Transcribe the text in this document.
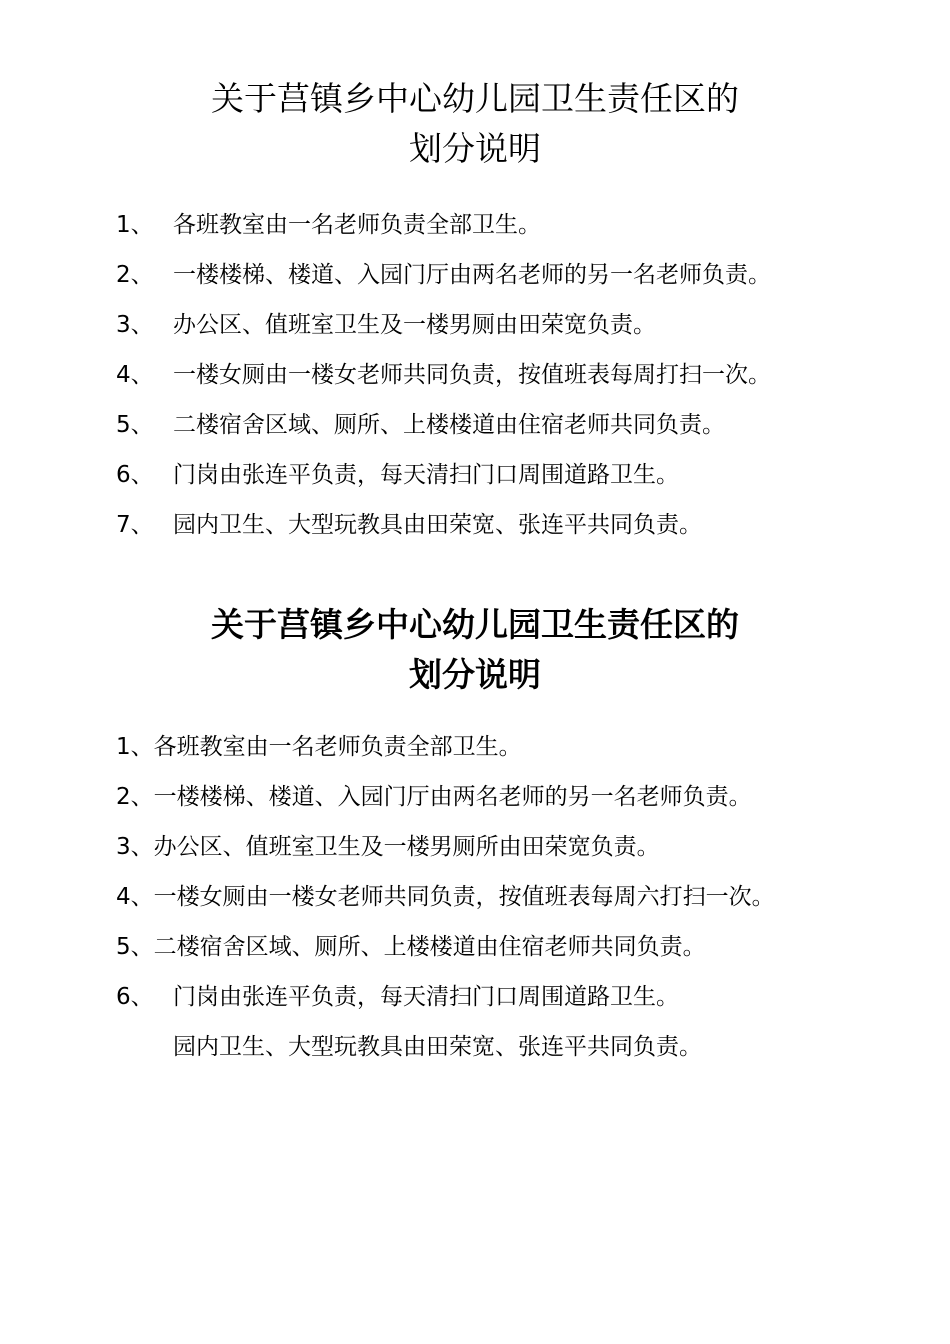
关于莒镇乡中心幼儿园卫生责任区的
划分说明
1、 各班教室由一名老师负责全部卫生。
2、 一楼楼梯、楼道、入园门厅由两名老师的另一名老师负责。
3、 办公区、值班室卫生及一楼男厕由田荣宽负责。
4、 一楼女厕由一楼女老师共同负责，按值班表每周打扫一次。
5、 二楼宿舍区域、厕所、上楼楼道由住宿老师共同负责。
6、 门岗由张连平负责，每天清扫门口周围道路卫生。
7、 园内卫生、大型玩教具由田荣宽、张连平共同负责。
关于莒镇乡中心幼儿园卫生责任区的
划分说明
1、各班教室由一名老师负责全部卫生。
2、一楼楼梯、楼道、入园门厅由两名老师的另一名老师负责。
3、办公区、值班室卫生及一楼男厕所由田荣宽负责。
4、一楼女厕由一楼女老师共同负责，按值班表每周六打扫一次。
5、二楼宿舍区域、厕所、上楼楼道由住宿老师共同负责。
6、 门岗由张连平负责，每天清扫门口周围道路卫生。
园内卫生、大型玩教具由田荣宽、张连平共同负责。
